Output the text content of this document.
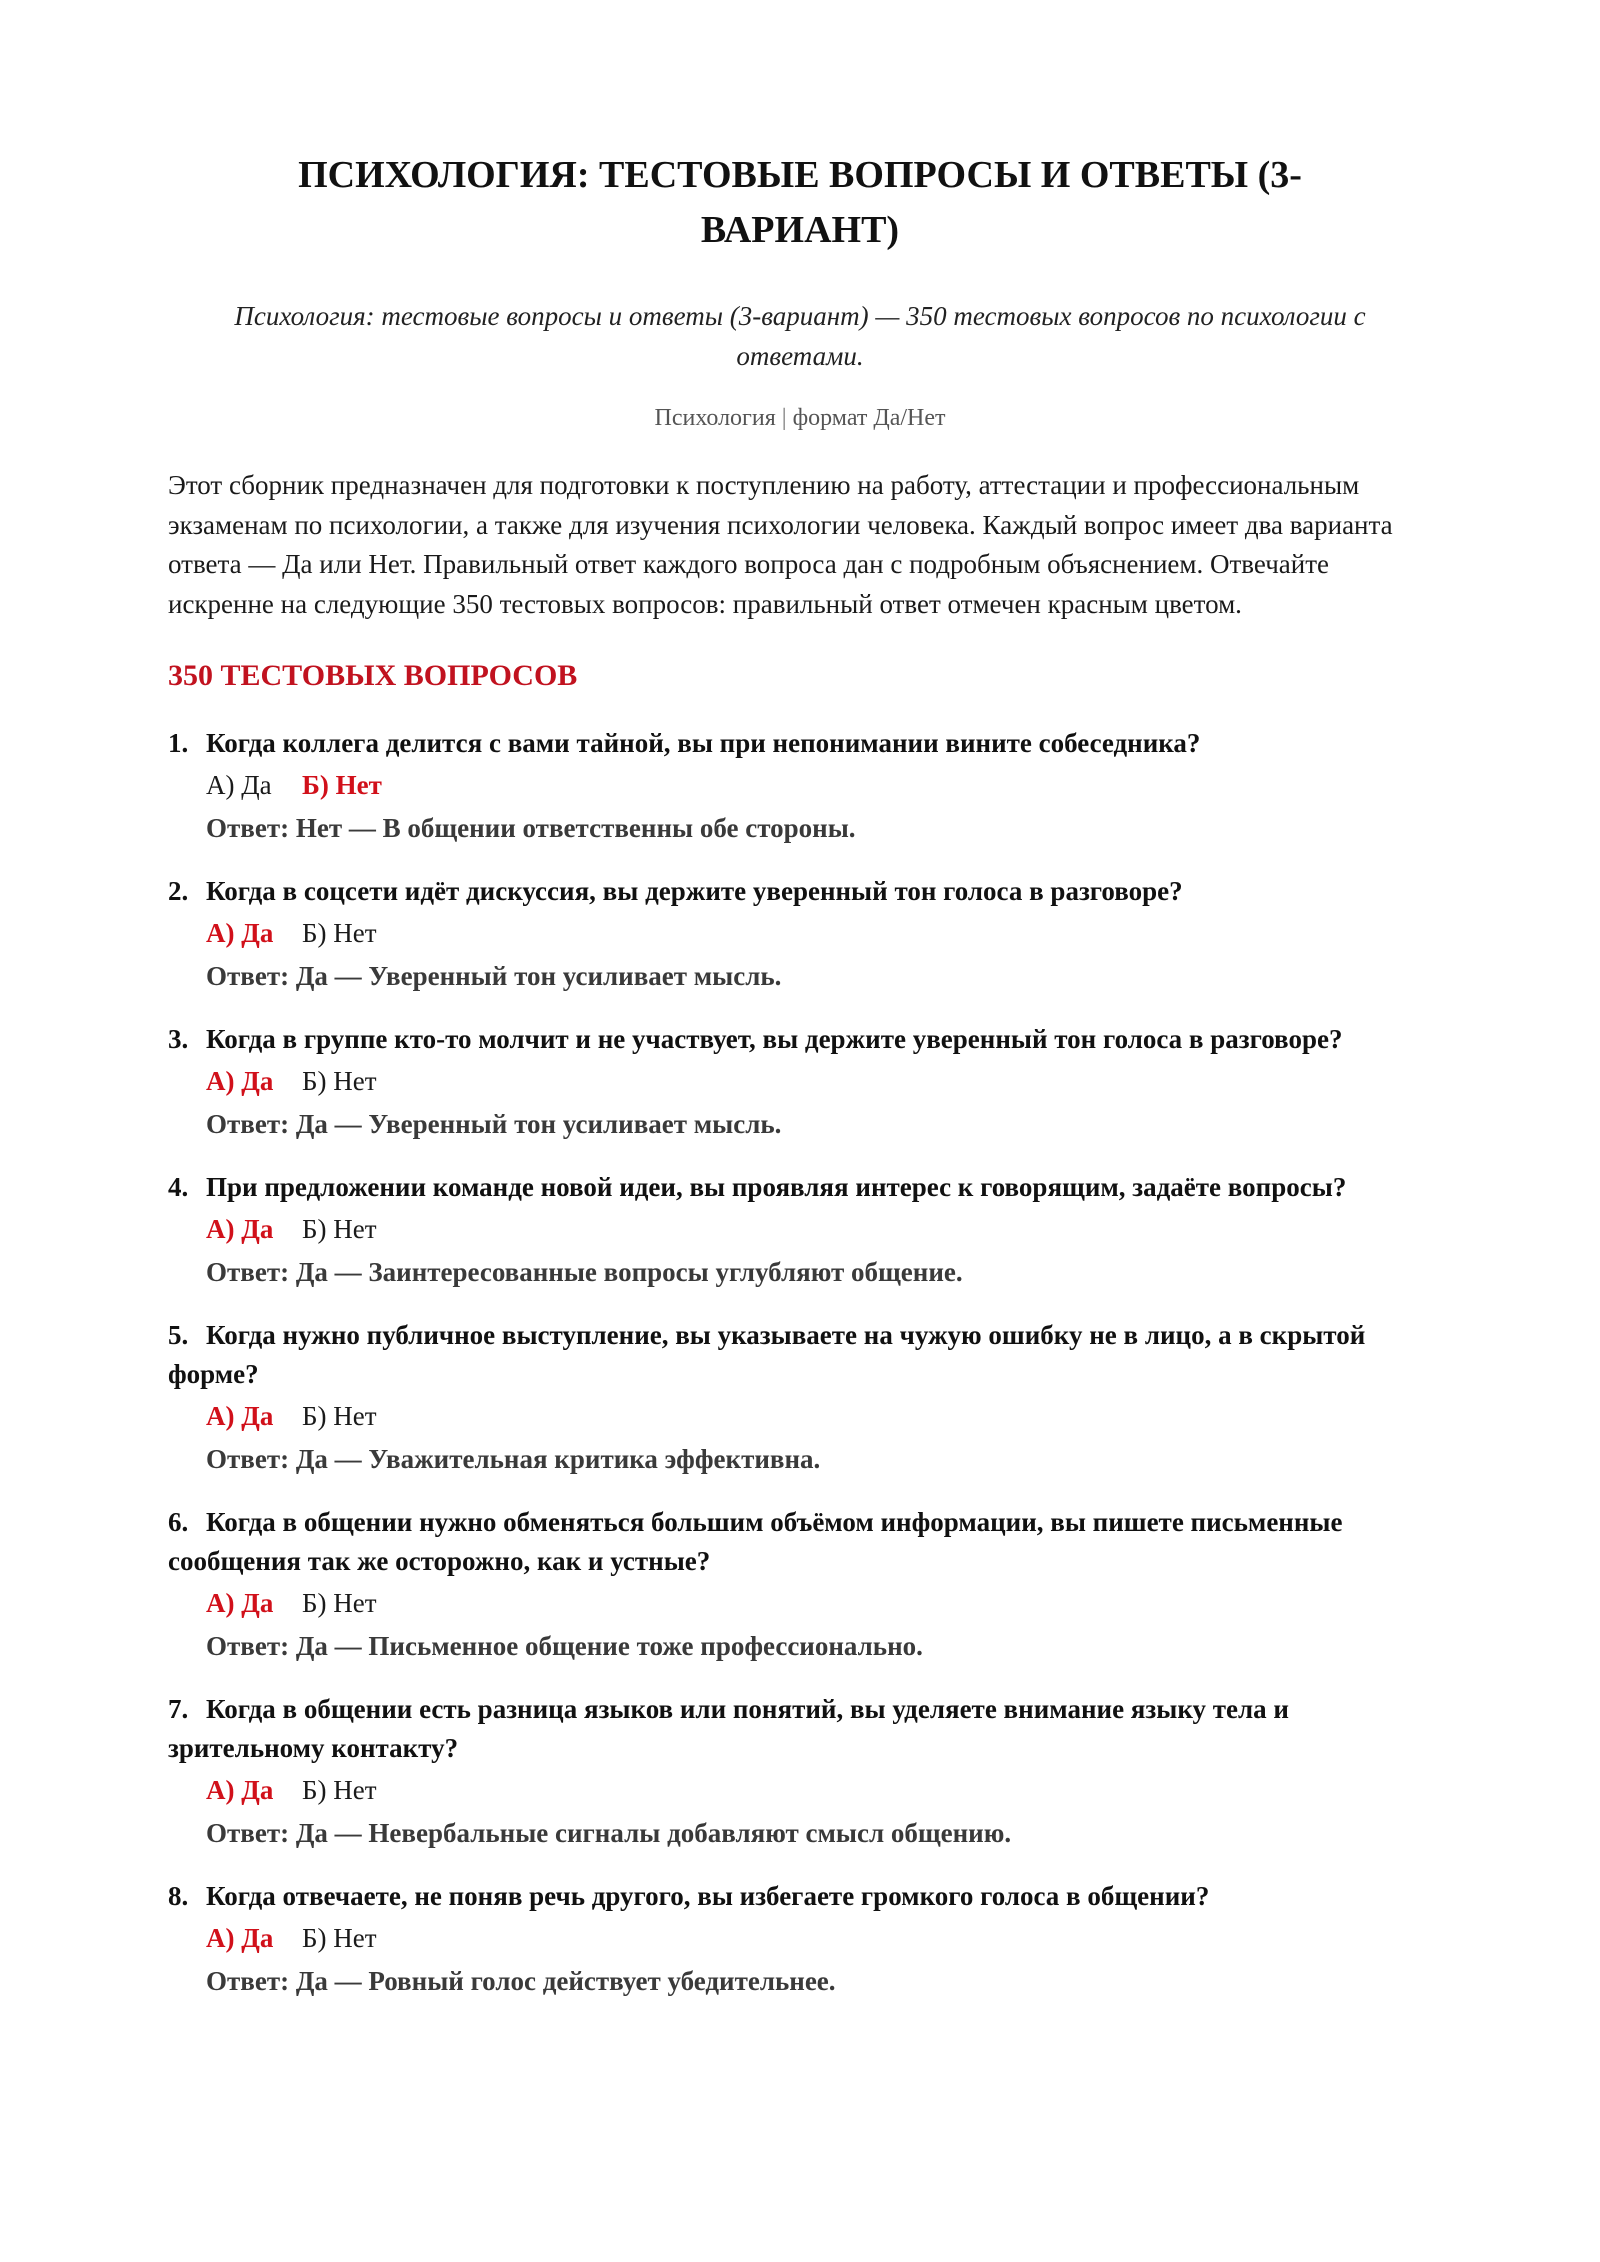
ПСИХОЛОГИЯ: ТЕСТОВЫЕ ВОПРОСЫ И ОТВЕТЫ (3-ВАРИАНТ)

Психология: тестовые вопросы и ответы (3-вариант) — 350 тестовых вопросов по психологии с ответами.

Психология | формат Да/Нет

Этот сборник предназначен для подготовки к поступлению на работу, аттестации и профессиональным экзаменам по психологии, а также для изучения психологии человека. Каждый вопрос имеет два варианта ответа — Да или Нет. Правильный ответ каждого вопроса дан с подробным объяснением. Отвечайте искренне на следующие 350 тестовых вопросов: правильный ответ отмечен красным цветом.

350 ТЕСТОВЫХ ВОПРОСОВ
1. Когда коллега делится с вами тайной, вы при непонимании вините собеседника?
А) Да Б) Нет
Ответ: Нет — В общении ответственны обе стороны.
2. Когда в соцсети идёт дискуссия, вы держите уверенный тон голоса в разговоре?
А) Да Б) Нет
Ответ: Да — Уверенный тон усиливает мысль.
3. Когда в группе кто-то молчит и не участвует, вы держите уверенный тон голоса в разговоре?
А) Да Б) Нет
Ответ: Да — Уверенный тон усиливает мысль.
4. При предложении команде новой идеи, вы проявляя интерес к говорящим, задаёте вопросы?
А) Да Б) Нет
Ответ: Да — Заинтересованные вопросы углубляют общение.
5. Когда нужно публичное выступление, вы указываете на чужую ошибку не в лицо, а в скрытой форме?
А) Да Б) Нет
Ответ: Да — Уважительная критика эффективна.
6. Когда в общении нужно обменяться большим объёмом информации, вы пишете письменные сообщения так же осторожно, как и устные?
А) Да Б) Нет
Ответ: Да — Письменное общение тоже профессионально.
7. Когда в общении есть разница языков или понятий, вы уделяете внимание языку тела и зрительному контакту?
А) Да Б) Нет
Ответ: Да — Невербальные сигналы добавляют смысл общению.
8. Когда отвечаете, не поняв речь другого, вы избегаете громкого голоса в общении?
А) Да Б) Нет
Ответ: Да — Ровный голос действует убедительнее.
